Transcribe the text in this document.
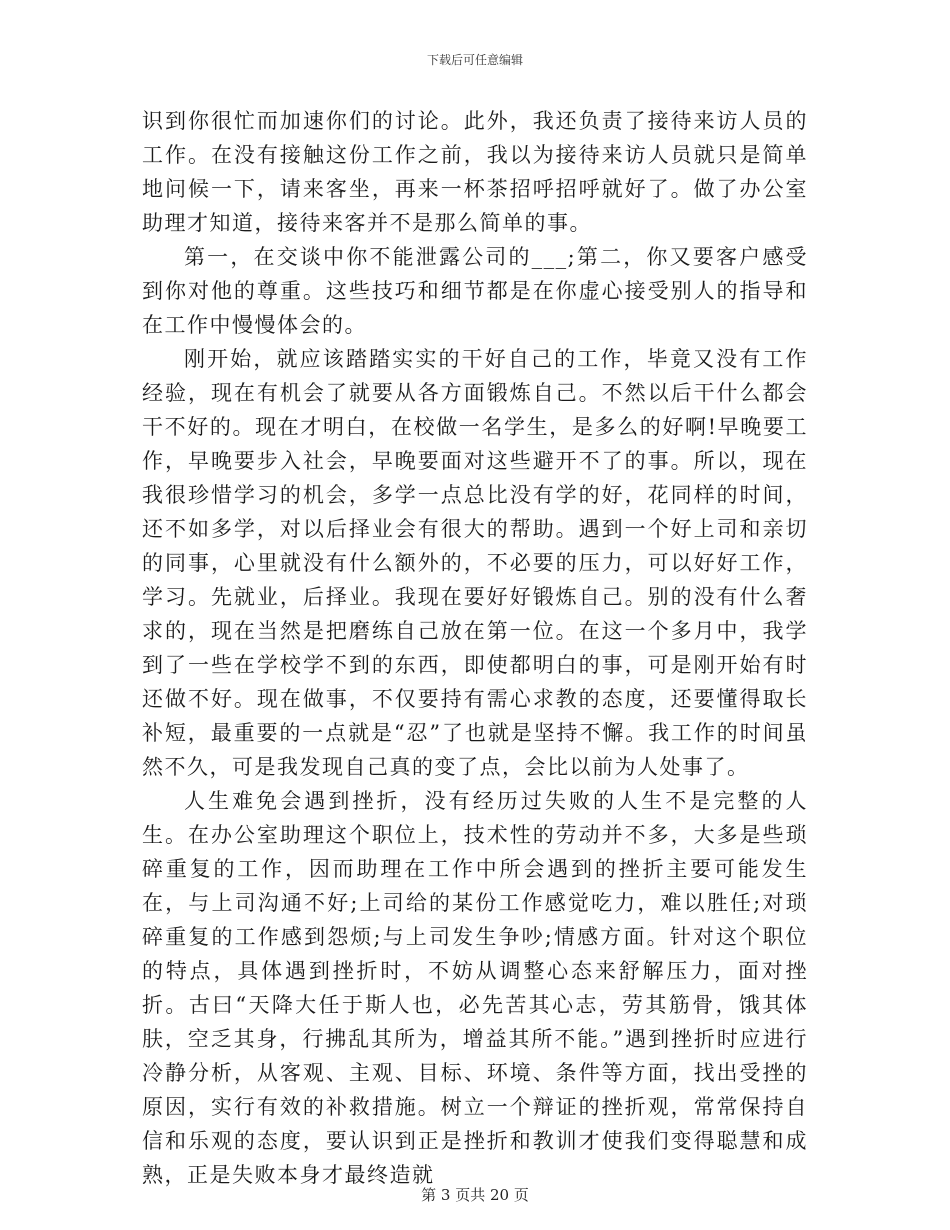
下载后可任意编辑

识到你很忙而加速你们的讨论。此外，我还负责了接待来访人员的工作。在没有接触这份工作之前，我以为接待来访人员就只是简单地问候一下，请来客坐，再来一杯茶招呼招呼就好了。做了办公室助理才知道，接待来客并不是那么简单的事。

第一，在交谈中你不能泄露公司的___;第二，你又要客户感受到你对他的尊重。这些技巧和细节都是在你虚心接受别人的指导和在工作中慢慢体会的。

刚开始，就应该踏踏实实的干好自己的工作，毕竟又没有工作经验，现在有机会了就要从各方面锻炼自己。不然以后干什么都会干不好的。现在才明白，在校做一名学生，是多么的好啊!早晚要工作，早晚要步入社会，早晚要面对这些避开不了的事。所以，现在我很珍惜学习的机会，多学一点总比没有学的好，花同样的时间，还不如多学，对以后择业会有很大的帮助。遇到一个好上司和亲切的同事，心里就没有什么额外的，不必要的压力，可以好好工作，学习。先就业，后择业。我现在要好好锻炼自己。别的没有什么奢求的，现在当然是把磨练自己放在第一位。在这一个多月中，我学到了一些在学校学不到的东西，即使都明白的事，可是刚开始有时还做不好。现在做事，不仅要持有需心求教的态度，还要懂得取长补短，最重要的一点就是“忍”了也就是坚持不懈。我工作的时间虽然不久，可是我发现自己真的变了点，会比以前为人处事了。

人生难免会遇到挫折，没有经历过失败的人生不是完整的人生。在办公室助理这个职位上，技术性的劳动并不多，大多是些琐碎重复的工作，因而助理在工作中所会遇到的挫折主要可能发生在，与上司沟通不好;上司给的某份工作感觉吃力，难以胜任;对琐碎重复的工作感到怨烦;与上司发生争吵;情感方面。针对这个职位的特点，具体遇到挫折时，不妨从调整心态来舒解压力，面对挫折。古曰“天降大任于斯人也，必先苦其心志，劳其筋骨，饿其体肤，空乏其身，行拂乱其所为，增益其所不能。”遇到挫折时应进行冷静分析，从客观、主观、目标、环境、条件等方面，找出受挫的原因，实行有效的补救措施。树立一个辩证的挫折观，常常保持自信和乐观的态度，要认识到正是挫折和教训才使我们变得聪慧和成熟，正是失败本身才最终造就

第 3 页共 20 页
